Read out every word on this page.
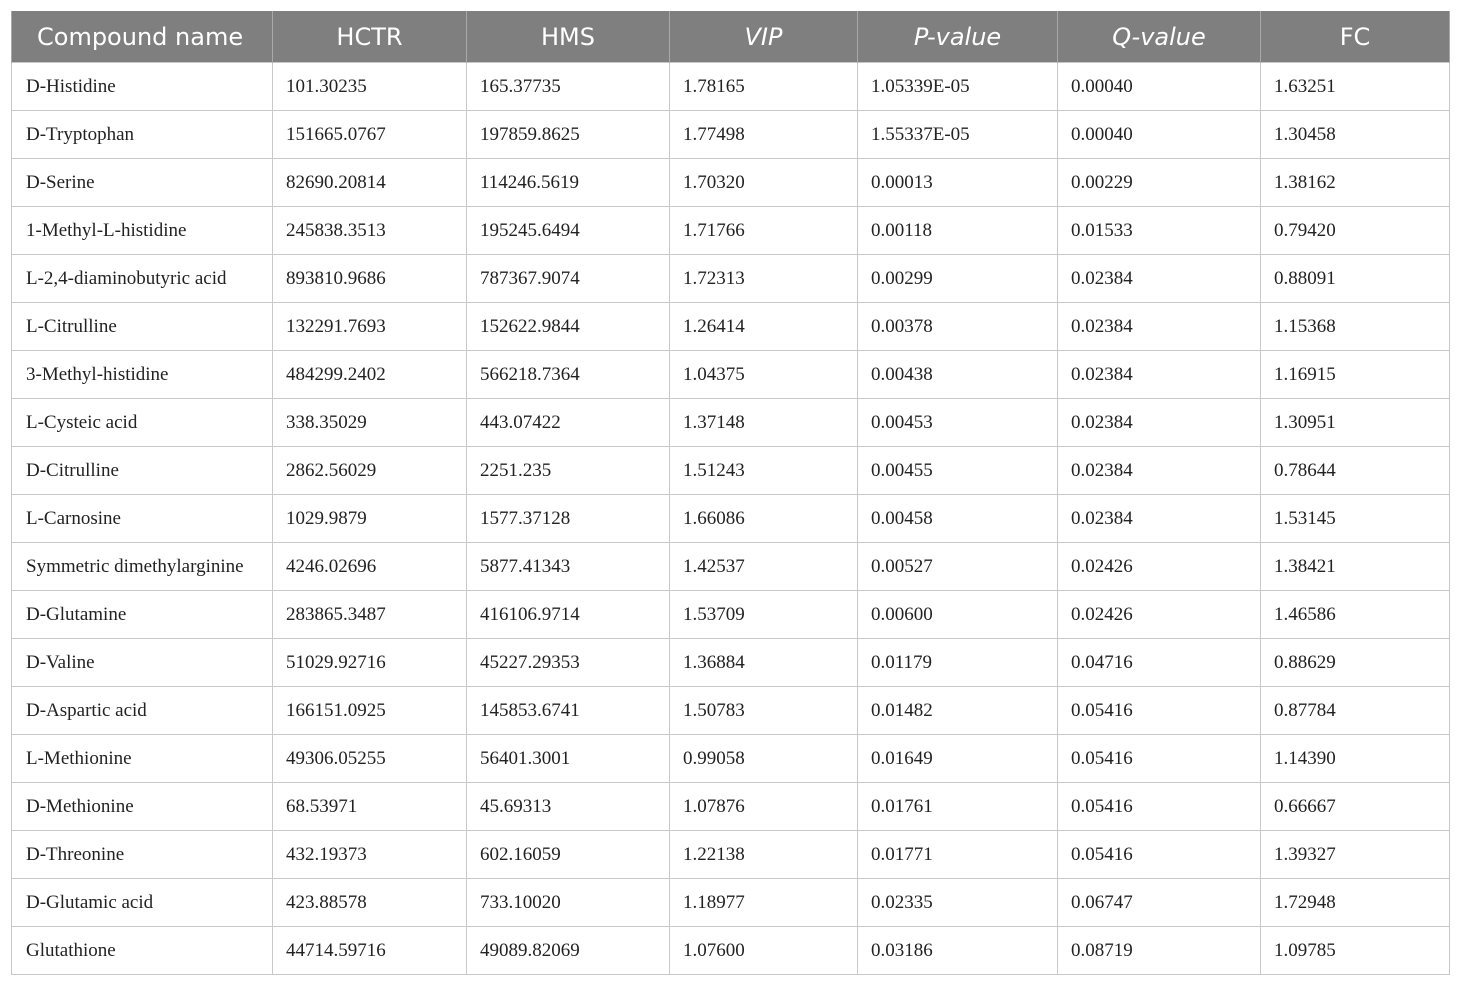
Compound name	HCTR	HMS	VIP	P-value	Q-value	FC
D-Histidine	101.30235	165.37735	1.78165	1.05339E-05	0.00040	1.63251
D-Tryptophan	151665.0767	197859.8625	1.77498	1.55337E-05	0.00040	1.30458
D-Serine	82690.20814	114246.5619	1.70320	0.00013	0.00229	1.38162
1-Methyl-L-histidine	245838.3513	195245.6494	1.71766	0.00118	0.01533	0.79420
L-2,4-diaminobutyric acid	893810.9686	787367.9074	1.72313	0.00299	0.02384	0.88091
L-Citrulline	132291.7693	152622.9844	1.26414	0.00378	0.02384	1.15368
3-Methyl-histidine	484299.2402	566218.7364	1.04375	0.00438	0.02384	1.16915
L-Cysteic acid	338.35029	443.07422	1.37148	0.00453	0.02384	1.30951
D-Citrulline	2862.56029	2251.235	1.51243	0.00455	0.02384	0.78644
L-Carnosine	1029.9879	1577.37128	1.66086	0.00458	0.02384	1.53145
Symmetric dimethylarginine	4246.02696	5877.41343	1.42537	0.00527	0.02426	1.38421
D-Glutamine	283865.3487	416106.9714	1.53709	0.00600	0.02426	1.46586
D-Valine	51029.92716	45227.29353	1.36884	0.01179	0.04716	0.88629
D-Aspartic acid	166151.0925	145853.6741	1.50783	0.01482	0.05416	0.87784
L-Methionine	49306.05255	56401.3001	0.99058	0.01649	0.05416	1.14390
D-Methionine	68.53971	45.69313	1.07876	0.01761	0.05416	0.66667
D-Threonine	432.19373	602.16059	1.22138	0.01771	0.05416	1.39327
D-Glutamic acid	423.88578	733.10020	1.18977	0.02335	0.06747	1.72948
Glutathione	44714.59716	49089.82069	1.07600	0.03186	0.08719	1.09785
